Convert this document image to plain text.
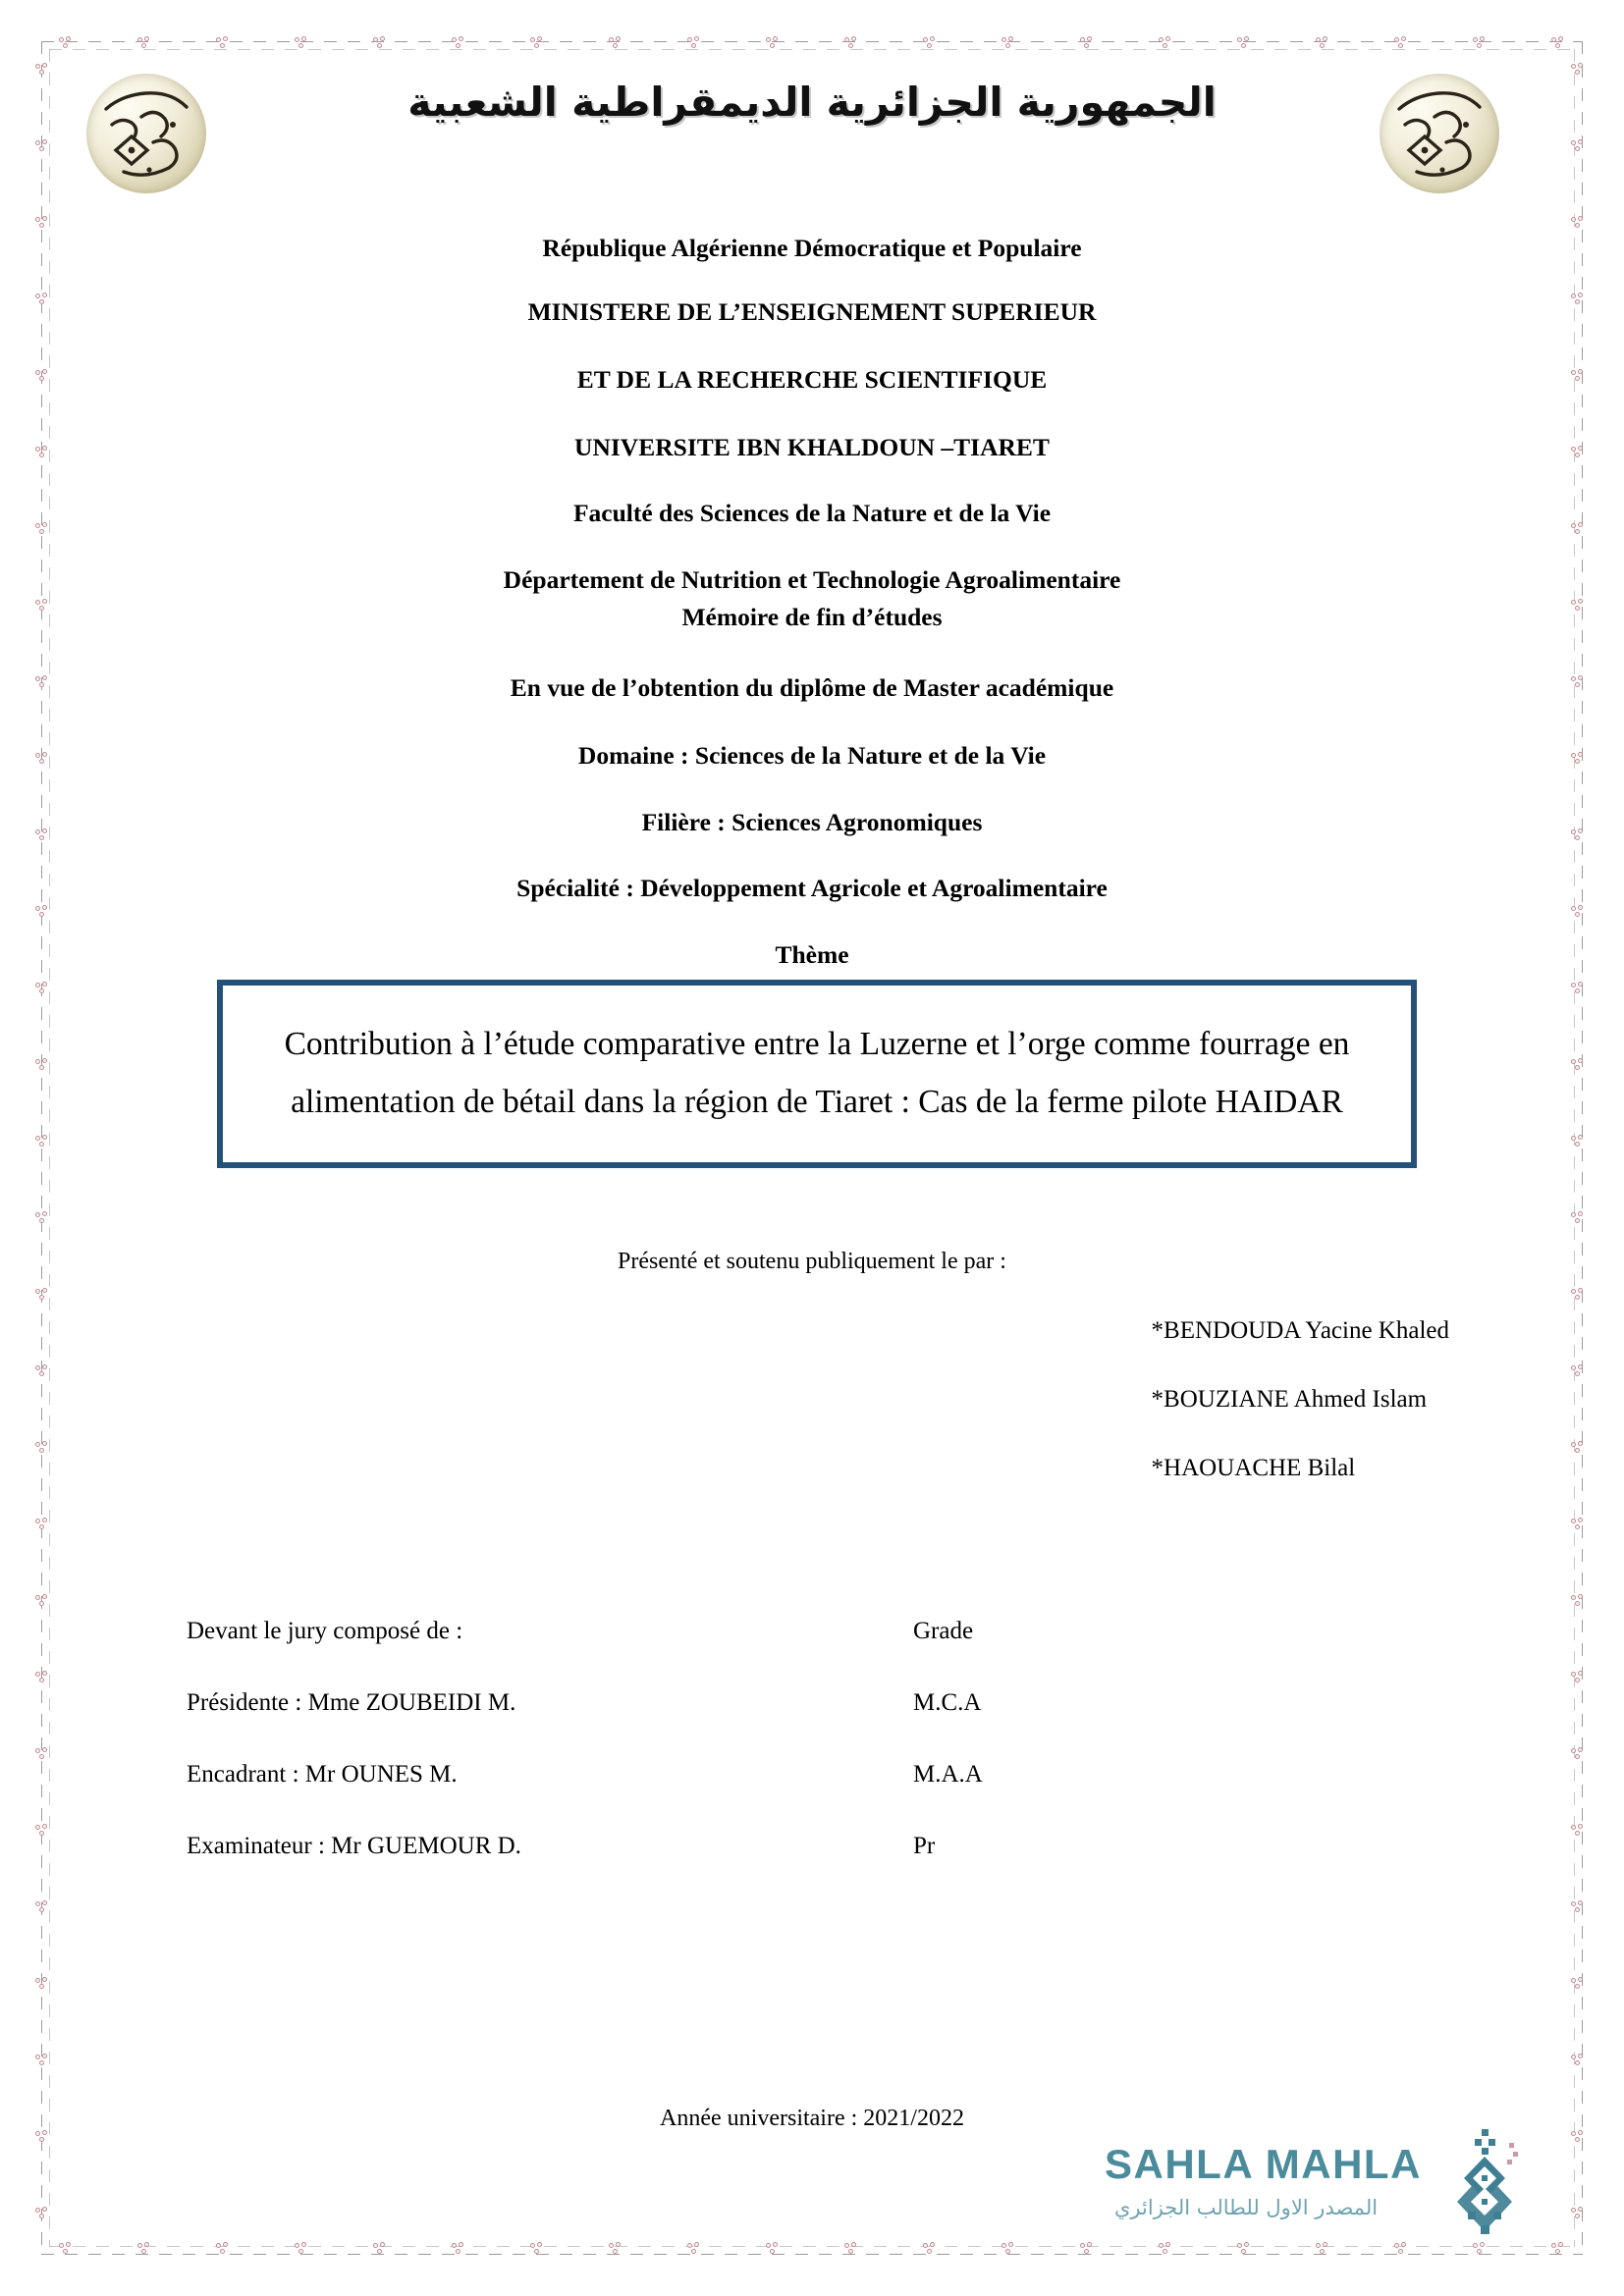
الجمهورية الجزائرية الديمقراطية الشعبية

République Algérienne Démocratique et Populaire

MINISTERE DE L’ENSEIGNEMENT SUPERIEUR

ET DE LA RECHERCHE SCIENTIFIQUE

UNIVERSITE IBN KHALDOUN –TIARET

Faculté des Sciences de la Nature et de la Vie

Département de Nutrition et Technologie Agroalimentaire

Mémoire de fin d’études

En vue de l’obtention du diplôme de Master académique

Domaine : Sciences de la Nature et de la Vie

Filière : Sciences Agronomiques

Spécialité : Développement Agricole et Agroalimentaire

Thème

Contribution à l’étude comparative entre la Luzerne et l’orge comme fourrage en alimentation de bétail dans la région de Tiaret : Cas de la ferme pilote HAIDAR
Présenté et soutenu publiquement le par :
*BENDOUDA Yacine Khaled
*BOUZIANE Ahmed Islam
*HAOUACHE Bilal
Devant le jury composé de :	Grade
Présidente : Mme ZOUBEIDI M.	M.C.A
Encadrant : Mr OUNES M.	M.A.A
Examinateur : Mr GUEMOUR D.	Pr
Année universitaire : 2021/2022
SAHLA MAHLA
المصدر الاول للطالب الجزائري
